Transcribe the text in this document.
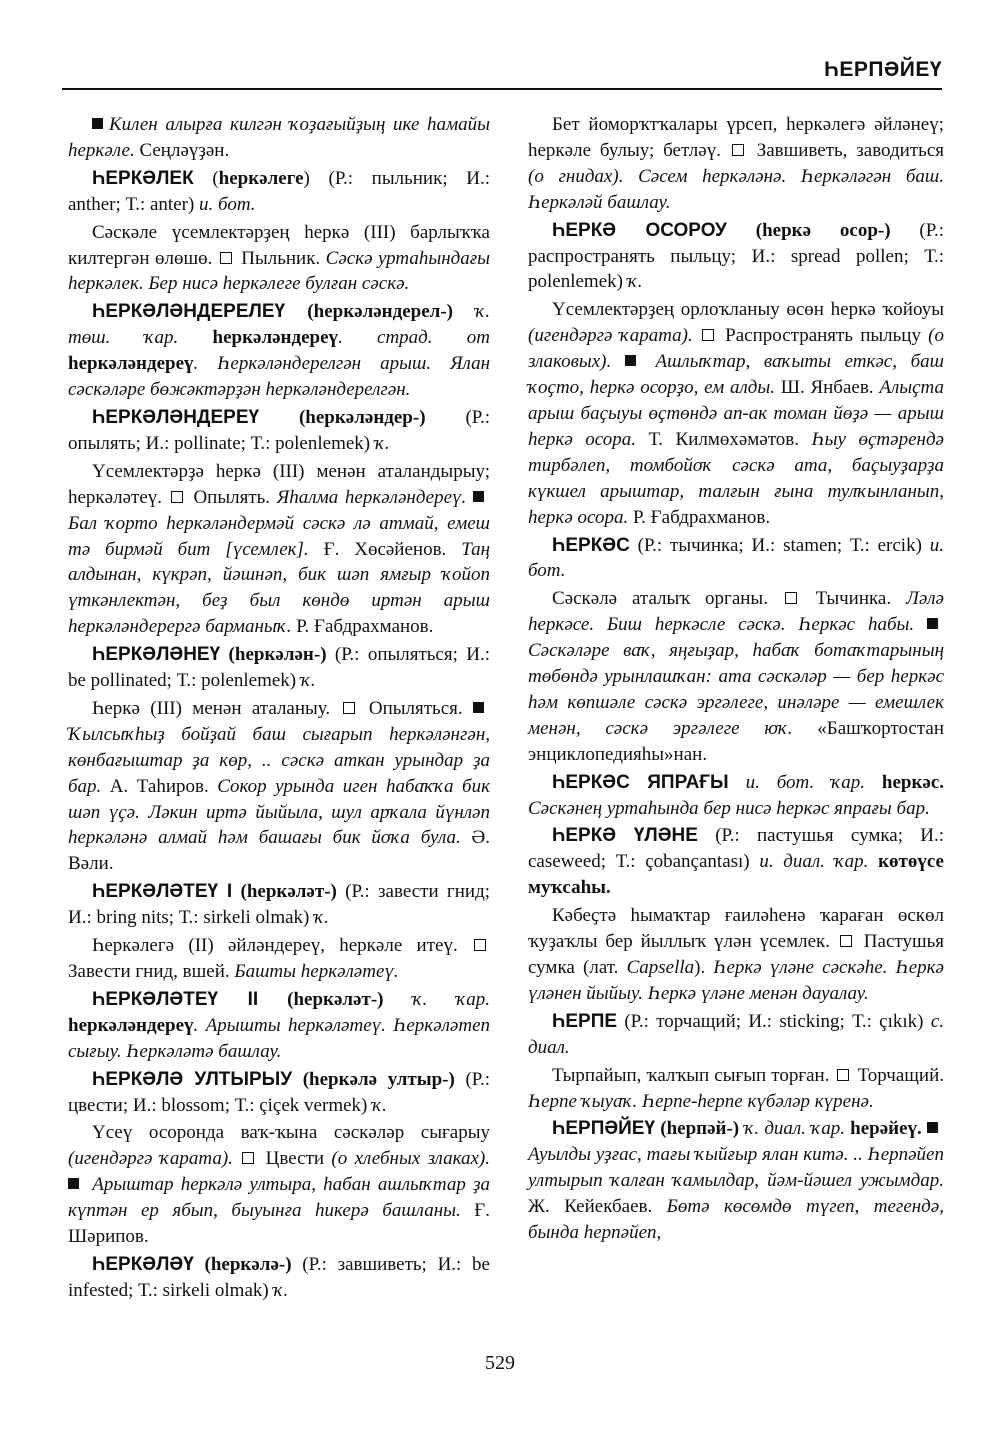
ҺЕРПӘЙЕҮ

Килен алырға килгән ҡоҙағыйҙың ике һамайы һеркәле. Сеңләүҙән.

ҺЕРКӘЛЕК (һеркәлеге) (Р.: пыльник; И.: anther; Т.: anter) и. бот.

Сәскәле үсемлектәрҙең һеркә (III) барлыҡҡа килтергән өлөшө.  Пыльник. Сәскә уртаһындағы һеркәлек. Бер нисә һеркәлеге булған сәскә.

ҺЕРКӘЛӘНДЕРЕЛЕҮ (һеркәләндерел-) ҡ. төш. ҡар. һеркәләндереү. страд. от һеркәләндереү. Һеркәләндерелгән арыш. Ялан сәскәләре бөжәктәрҙән һеркәләндерелгән.

ҺЕРКӘЛӘНДЕРЕҮ (һеркәләндер-) (Р.: опылять; И.: pollinate; Т.: polenlemek) ҡ.

Үсемлектәрҙә һеркә (III) менән аталандырыу; һеркәләтеү.  Опылять. Яһалма һеркәләндереү.  Бал ҡорто һеркәләндермәй сәскә лә атмай, емеш тә бирмәй бит [үсемлек]. Ғ. Хөсәйенов. Таң алдынан, күкрәп, йәшнәп, бик шәп ямғыр ҡойоп үткәнлектән, беҙ был көндө иртән арыш һеркәләндерергә барманыҡ. Р. Ғабдрахманов.

ҺЕРКӘЛӘНЕҮ (һеркәлән-) (Р.: опыляться; И.: be pollinated; Т.: polenlemek) ҡ.

Һеркә (III) менән аталаныу.  Опыляться.  Ҡылсыҡһыҙ бойҙай баш сығарып һеркәләнгән, көнбағыштар ҙа көр, .. сәскә аткан урындар ҙа бар. А. Таһиров. Сокор урында иген һабаҡҡа бик шәп үҫә. Ләкин иртә йыйыла, шул арҡала йүнләп һеркәләнә алмай һәм башағы бик йоҡа була. Ә. Вәли.

ҺЕРКӘЛӘТЕҮ I (һеркәләт-) (Р.: завести гнид; И.: bring nits; Т.: sirkeli olmak) ҡ.

Һеркәлегә (II) әйләндереү, һеркәле итеү.  Завести гнид, вшей. Башты һеркәләтеү.

ҺЕРКӘЛӘТЕҮ II (һеркәләт-) ҡ. ҡар. һеркәләндереү. Арышты һеркәләтеү. Һеркәләтеп сығыу. Һеркәләтә башлау.

ҺЕРКӘЛӘ УЛТЫРЫУ (һеркәлә ултыр-) (Р.: цвести; И.: blossom; Т.: çiçek vermek) ҡ.

Үсеү осоронда ваҡ-ҡына сәскәләр сығарыу (игендәргә ҡарата).  Цвести (о хлебных злаках).  Арыштар һеркәлә ултыра, һабан ашлыҡтар ҙа күптән ер ябып, быуынға һикерә башланы. Ғ. Шәрипов.

ҺЕРКӘЛӘҮ (һеркәлә-) (Р.: завшиветь; И.: be infested; Т.: sirkeli olmak) ҡ.

Бет йоморҡтҡалары үрсеп, һеркәлегә әйләнеү; һеркәле булыу; бетләү.  Завшиветь, заводиться (о гнидах). Сәсем һеркәләнә. Һеркәләгән баш. Һеркәләй башлау.

ҺЕРКӘ ОСОРОУ (һеркә осор-) (Р.: распространять пыльцу; И.: spread pollen; Т.: polenlemek) ҡ.

Үсемлектәрҙең орлоҡланыу өсөн һеркә ҡойоуы (игендәргә ҡарата).  Распространять пыльцу (о злаковых).  Ашлыҡтар, ваҡыты еткәс, баш ҡоҫто, һеркә осорҙо, ем алды. Ш. Янбаев. Алыҫта арыш баҫыуы өҫтөндә ап-ак томан йөҙә — арыш һеркә осора. Т. Килмөхәмәтов. Һыу өҫтәрендә тирбәлеп, томбойоҡ сәскә ата, баҫыуҙарҙа күкшел арыштар, талғын ғына тулҡынланып, һеркә осора. Р. Ғабдрахманов.

ҺЕРКӘС (Р.: тычинка; И.: stamen; Т.: ercik) и. бот.

Сәскәлә аталыҡ органы.  Тычинка. Ләлә һеркәсе. Биш һеркәсле сәскә. Һеркәс һабы.  Сәскәләре ваҡ, яңғыҙар, һабаҡ ботаҡтарының төбөндә урынлашҡан: ата сәскәләр — бер һеркәс һәм көпшәле сәскә эргәлеге, инәләре — емешлек менән, сәскә эргәлеге юҡ. «Башҡортостан энциклопедияһы»нан.

ҺЕРКӘС ЯПРАҒЫ и. бот. ҡар. һеркәс. Сәскәнең уртаһында бер нисә һеркәс япрағы бар.

ҺЕРКӘ ҮЛӘНЕ (Р.: пастушья сумка; И.: caseweed; Т.: çobançantası) и. диал. ҡар. көтөүсе муҡсаһы.

Кәбеҫтә һымаҡтар ғаиләһенә ҡараған өскөл ҡуҙаҡлы бер йыллыҡ үлән үсемлек.  Пастушья сумка (лат. Capsella). Һеркә үләне сәскәһе. Һеркә үләнен йыйыу. Һеркә үләне менән дауалау.

ҺЕРПЕ (Р.: торчащий; И.: sticking; Т.: çıkık) с. диал.

Тырпайып, ҡалҡып сығып торған.  Торчащий. Һерпе ҡыуаҡ. Һерпе-һерпе күбәләр күренә.

ҺЕРПӘЙЕҮ (һерпәй-) ҡ. диал. ҡар. һерәйеү.  Ауылды уҙғас, тағы ҡыйғыр ялан китә. .. Һерпәйеп ултырып ҡалған ҡамылдар, йәм-йәшел ужымдар. Ж. Кейекбаев. Бөтә көсөмдө түгеп, тегендә, бында һерпәйеп,

529
